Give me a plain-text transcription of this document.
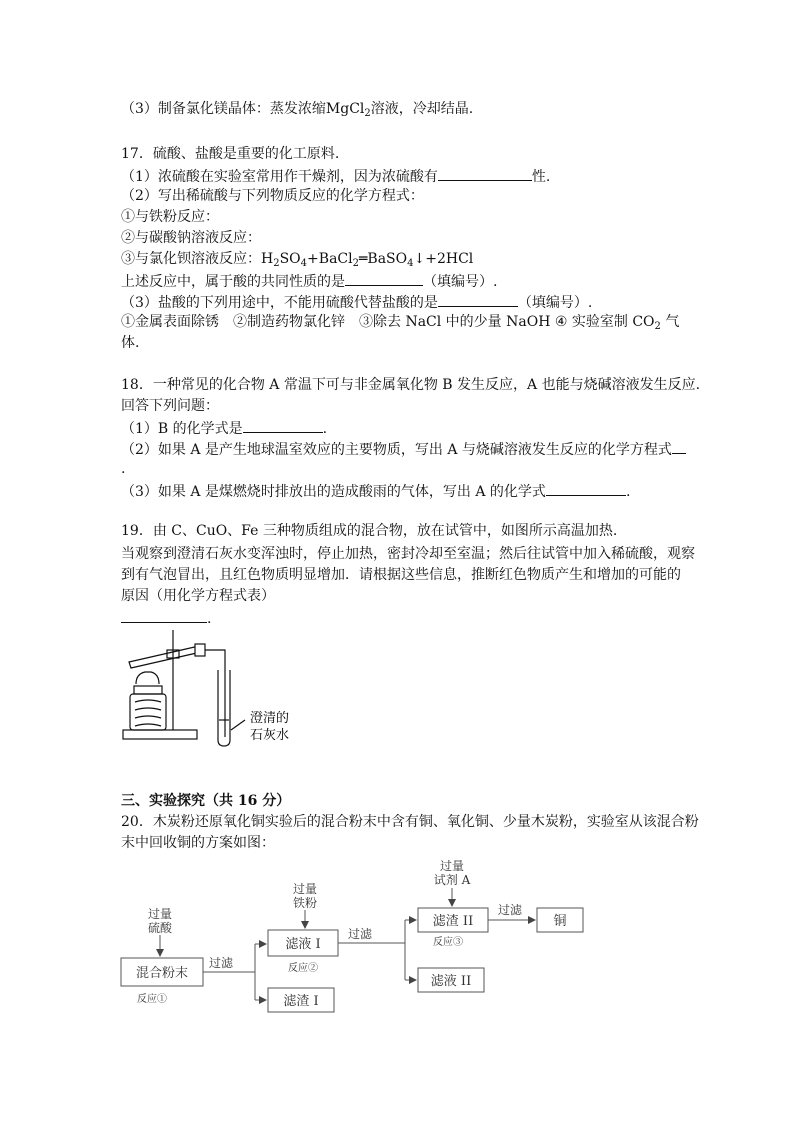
（3）制备氯化镁晶体：蒸发浓缩MgCl$_2$溶液，冷却结晶.
17．硫酸、盐酸是重要的化工原料.
（1）浓硫酸在实验室常用作干燥剂，因为浓硫酸有	性.
（2）写出稀硫酸与下列物质反应的化学方程式：
①与铁粉反应：
②与碳酸钠溶液反应：
③与氯化钡溶液反应：$H_2SO_4+BaCl_2═BaSO_4↓+2HCl$
上述反应中，属于酸的共同性质的是	（填编号）.
（3）盐酸的下列用途中，不能用硫酸代替盐酸的是	（填编号）.
①金属表面除锈　②制造药物氯化锌　③除去 NaCl 中的少量 NaOH ④ 实验室制 $CO_2$ 气
体.
18．一种常见的化合物 A 常温下可与非金属氧化物 B 发生反应，A 也能与烧碱溶液发生反应.
回答下列问题：
（1）B 的化学式是	.
（2）如果 A 是产生地球温室效应的主要物质，写出 A 与烧碱溶液发生反应的化学方程式
.
（3）如果 A 是煤燃烧时排放出的造成酸雨的气体，写出 A 的化学式	.
19．由 C、CuO、Fe 三种物质组成的混合物，放在试管中，如图所示高温加热.
当观察到澄清石灰水变浑浊时，停止加热，密封冷却至室温；然后往试管中加入稀硫酸，观察
到有气泡冒出，且红色物质明显增加．请根据这些信息，推断红色物质产生和增加的可能的
原因（用化学方程式表）
.
澄清的
石灰水
三、实验探究（共 16 分）
20．木炭粉还原氧化铜实验后的混合粉末中含有铜、氧化铜、少量木炭粉，实验室从该混合粉
末中回收铜的方案如图：
过量
硫酸
混合粉末
反应①
过滤
过量
铁粉
滤液 I
反应②
滤渣 I
过滤
过量
试剂 A
滤渣 II
反应③
过滤
铜
滤液 II
